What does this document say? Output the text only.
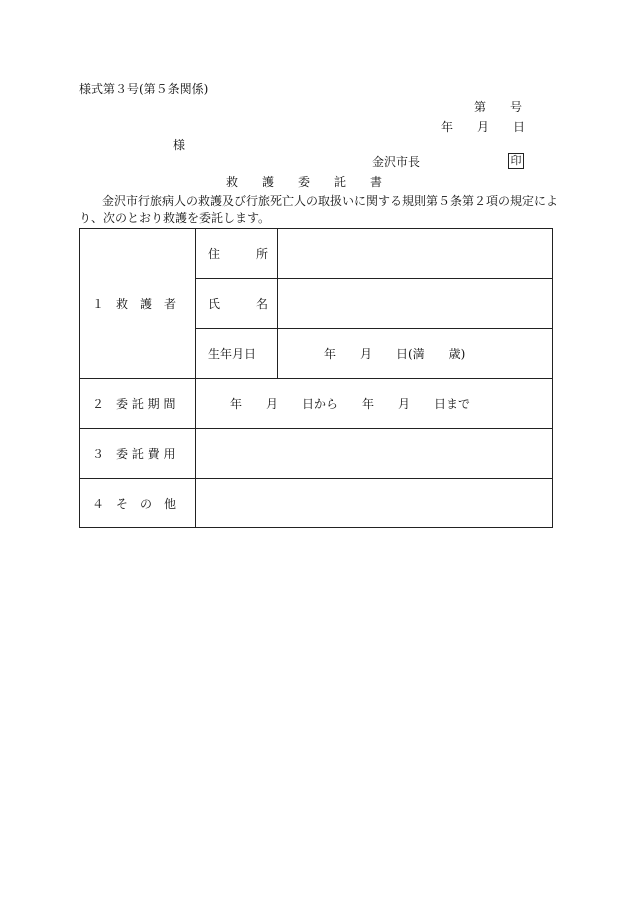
様式第３号(第５条関係)
第　　号
年　　月　　日
様
金沢市長	印
救　　護　　委　　託　　書
金沢市行旅病人の救護及び行旅死亡人の取扱いに関する規則第５条第２項の規定によ
り、次のとおり救護を委託します。
１　救　護　者	住　　　所	
	氏　　　名	
	生年月日	年　　月　　日(満　　歳)
２　委 託 期 間	年　　月　　日から　　年　　月　　日まで	
３　委 託 費 用		
４　そ　の　他		
